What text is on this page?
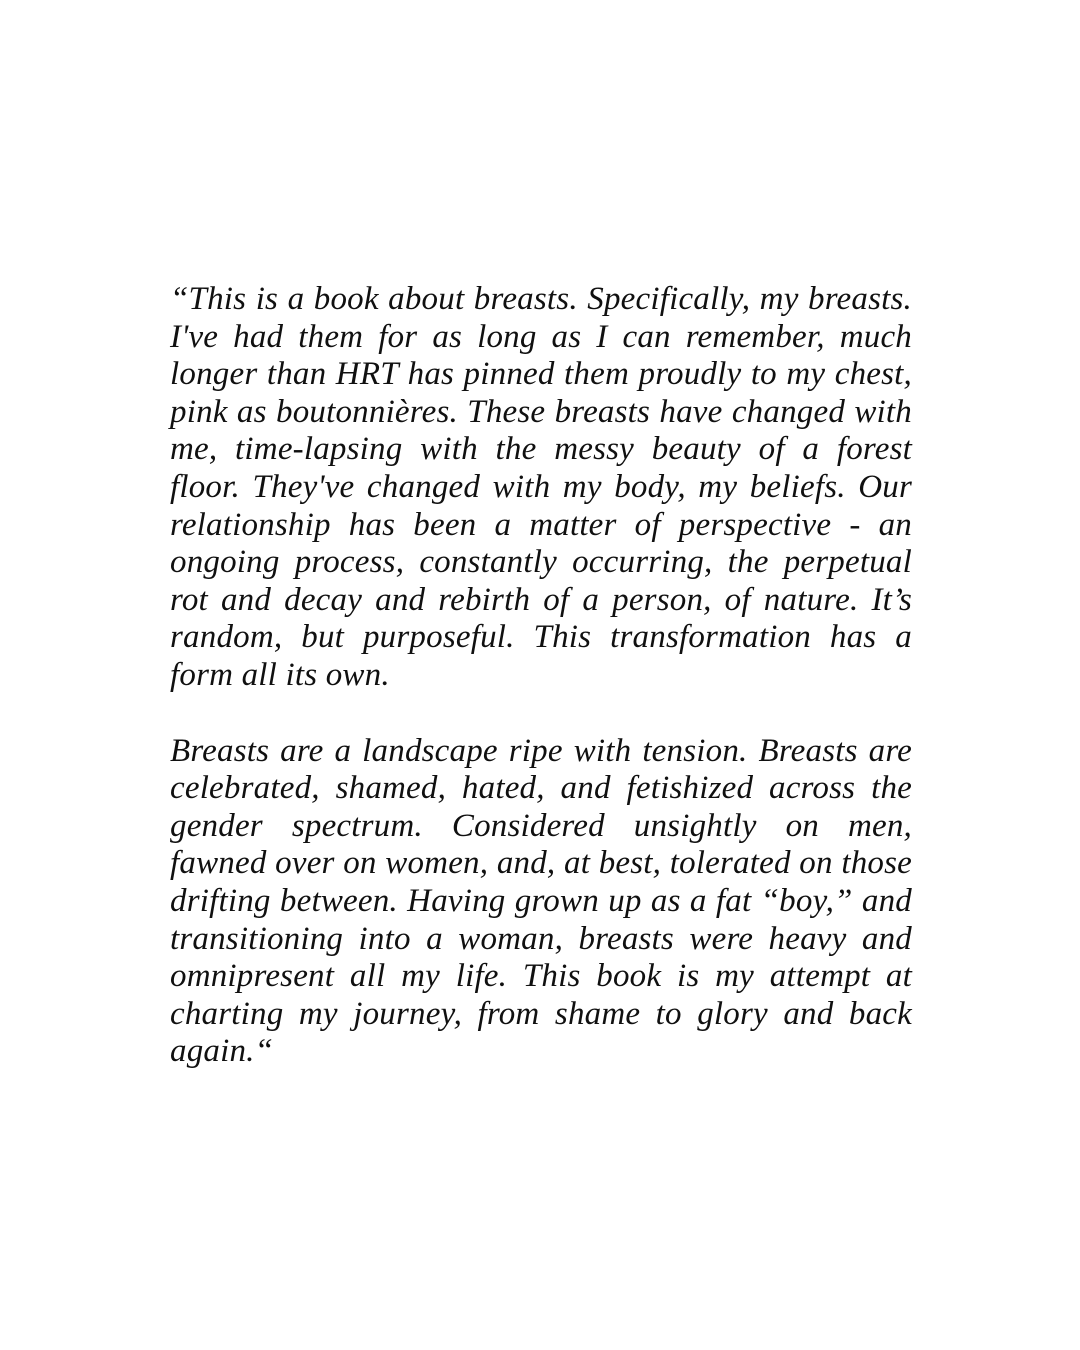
“This is a book about breasts. Specifically, my breasts. I've had them for as long as I can remember, much longer than HRT has pinned them proudly to my chest, pink as boutonnières. These breasts have changed with me, time-lapsing with the messy beauty of a forest floor. They've changed with my body, my beliefs. Our relationship has been a matter of perspective - an ongoing process, constantly occurring, the perpetual rot and decay and rebirth of a person, of nature. It’s random, but purposeful. This transformation has a form all its own.

Breasts are a landscape ripe with tension. Breasts are celebrated, shamed, hated, and fetishized across the gender spectrum. Considered unsightly on men, fawned over on women, and, at best, tolerated on those drifting between. Having grown up as a fat “boy,” and transitioning into a woman, breasts were heavy and omnipresent all my life. This book is my attempt at charting my journey, from shame to glory and back again.“
